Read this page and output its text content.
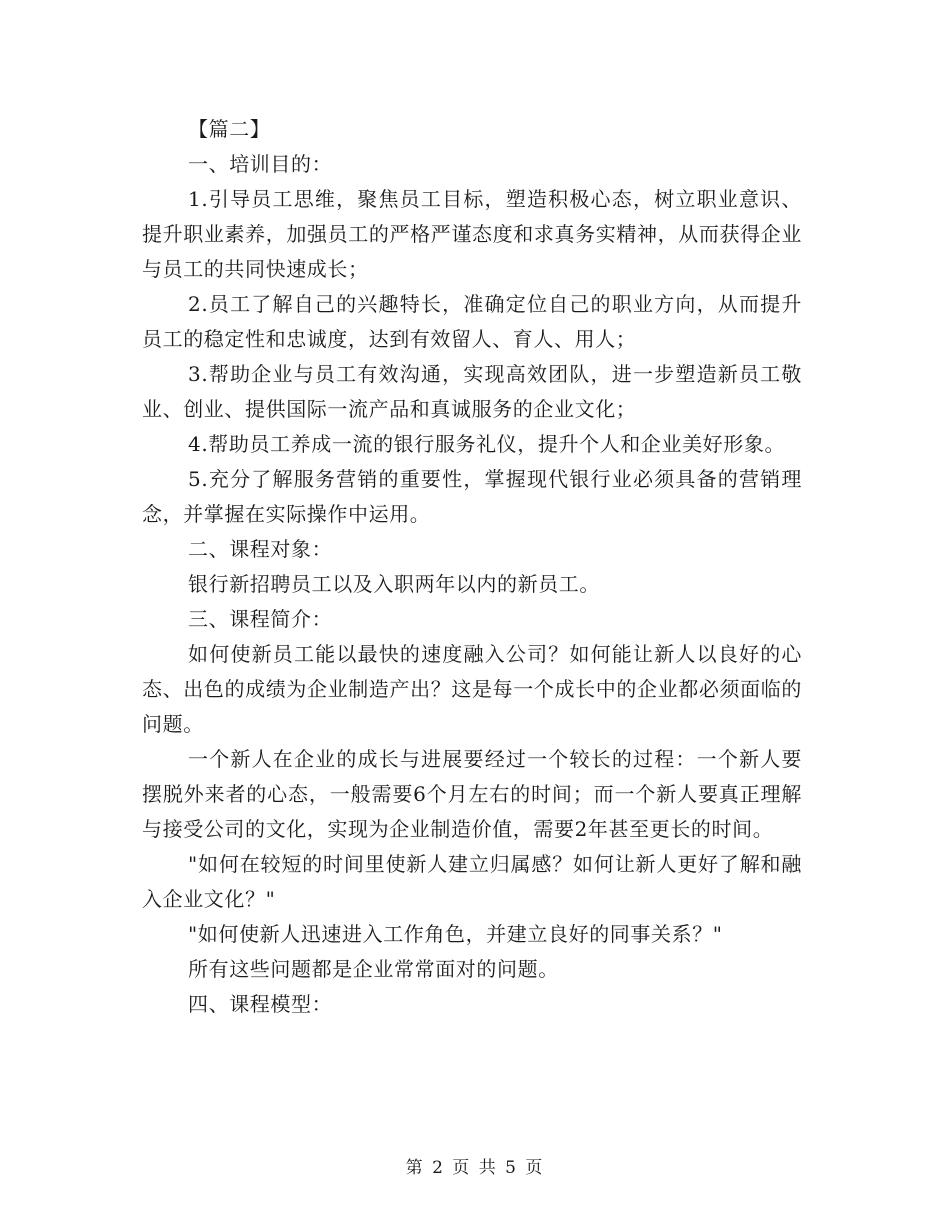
【篇二】

一、培训目的：

1.引导员工思维，聚焦员工目标，塑造积极心态，树立职业意识、提升职业素养，加强员工的严格严谨态度和求真务实精神，从而获得企业与员工的共同快速成长；

2.员工了解自己的兴趣特长，准确定位自己的职业方向，从而提升员工的稳定性和忠诚度，达到有效留人、育人、用人；

3.帮助企业与员工有效沟通，实现高效团队，进一步塑造新员工敬业、创业、提供国际一流产品和真诚服务的企业文化；

4.帮助员工养成一流的银行服务礼仪，提升个人和企业美好形象。

5.充分了解服务营销的重要性，掌握现代银行业必须具备的营销理念，并掌握在实际操作中运用。

二、课程对象：

银行新招聘员工以及入职两年以内的新员工。

三、课程简介：

如何使新员工能以最快的速度融入公司？如何能让新人以良好的心态、出色的成绩为企业制造产出？这是每一个成长中的企业都必须面临的问题。

一个新人在企业的成长与进展要经过一个较长的过程：一个新人要摆脱外来者的心态，一般需要6个月左右的时间；而一个新人要真正理解与接受公司的文化，实现为企业制造价值，需要2年甚至更长的时间。

"如何在较短的时间里使新人建立归属感？如何让新人更好了解和融入企业文化？"

"如何使新人迅速进入工作角色，并建立良好的同事关系？"

所有这些问题都是企业常常面对的问题。

四、课程模型：

第 2 页 共 5 页
